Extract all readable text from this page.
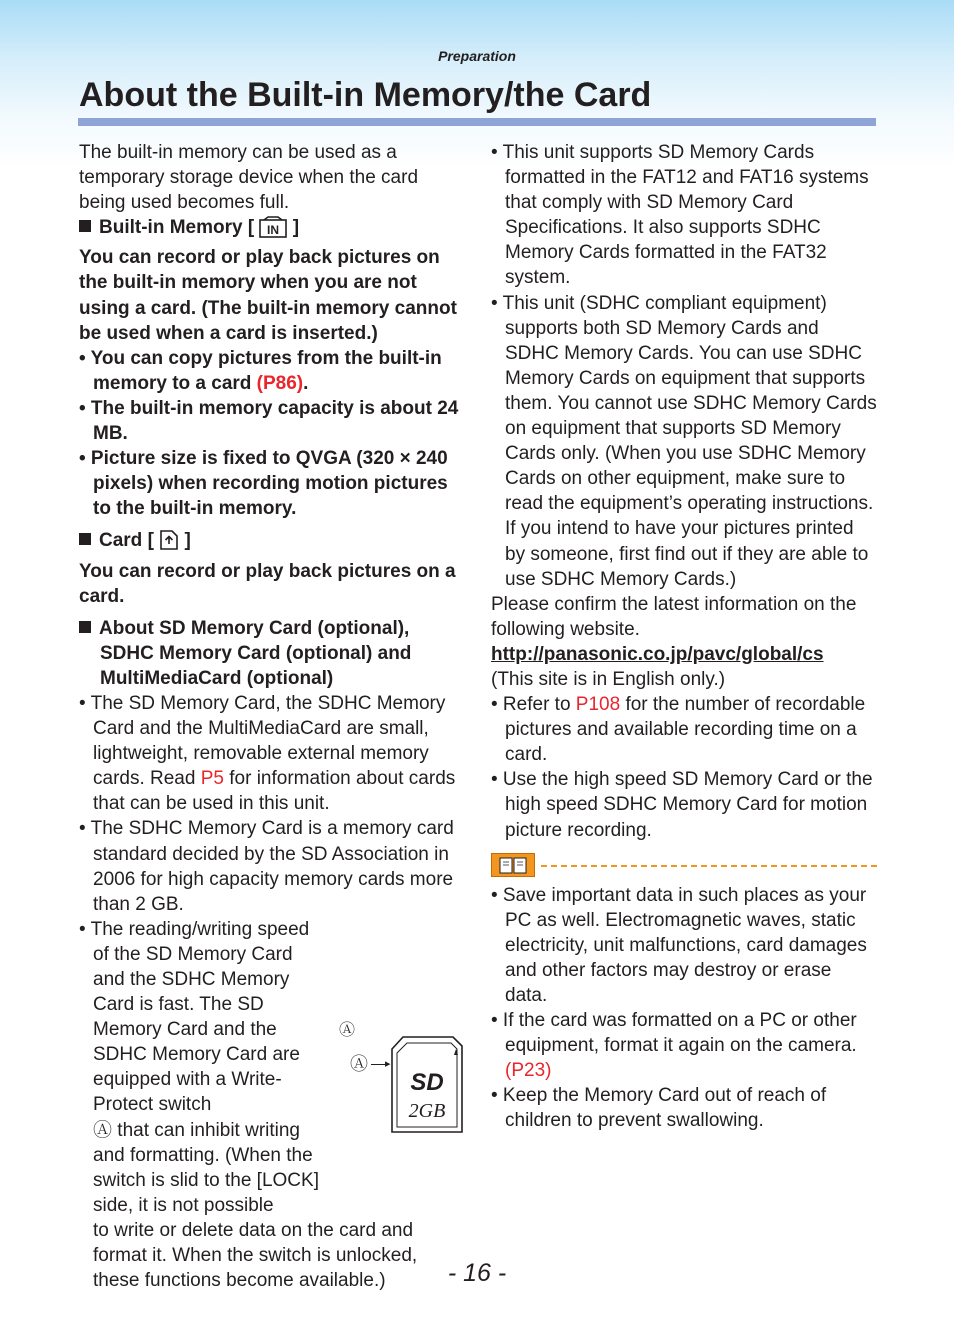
Preparation
About the Built-in Memory/the Card

The built-in memory can be used as a temporary storage device when the card being used becomes full.

Built-in Memory [ IN ]

You can record or play back pictures on the built-in memory when you are not using a card. (The built-in memory cannot be used when a card is inserted.)

• You can copy pictures from the built-in memory to a card (P86).

• The built-in memory capacity is about 24 MB.

• Picture size is fixed to QVGA (320 × 240 pixels) when recording motion pictures to the built-in memory.

Card [  ]

You can record or play back pictures on a card.

About SD Memory Card (optional), SDHC Memory Card (optional) and MultiMediaCard (optional)

• The SD Memory Card, the SDHC Memory Card and the MultiMediaCard are small, lightweight, removable external memory cards. Read P5 for information about cards that can be used in this unit.

• The SDHC Memory Card is a memory card standard decided by the SD Association in 2006 for high capacity memory cards more than 2 GB.

• The reading/writing speed of the SD Memory Card and the SDHC Memory Card is fast. The SD Memory Card and the SDHC Memory Card are equipped with a Write-Protect switch
Ⓐ that can inhibit writing and formatting. (When the switch is slid to the [LOCK] side, it is not possible

to write or delete data on the card and format it. When the switch is unlocked, these functions become available.)

Ⓐ
SD
2GB
Ⓐ ▸

• This unit supports SD Memory Cards formatted in the FAT12 and FAT16 systems that comply with SD Memory Card Specifications. It also supports SDHC Memory Cards formatted in the FAT32 system.

• This unit (SDHC compliant equipment) supports both SD Memory Cards and SDHC Memory Cards. You can use SDHC Memory Cards on equipment that supports them. You cannot use SDHC Memory Cards on equipment that supports SD Memory Cards only. (When you use SDHC Memory Cards on other equipment, make sure to read the equipment’s operating instructions. If you intend to have your pictures printed by someone, first find out if they are able to use SDHC Memory Cards.)

Please confirm the latest information on the following website.

http://panasonic.co.jp/pavc/global/cs

(This site is in English only.)

• Refer to P108 for the number of recordable pictures and available recording time on a card.

• Use the high speed SD Memory Card or the high speed SDHC Memory Card for motion picture recording.

• Save important data in such places as your PC as well. Electromagnetic waves, static electricity, unit malfunctions, card damages and other factors may destroy or erase data.

• If the card was formatted on a PC or other equipment, format it again on the camera. (P23)

• Keep the Memory Card out of reach of children to prevent swallowing.

- 16 -
